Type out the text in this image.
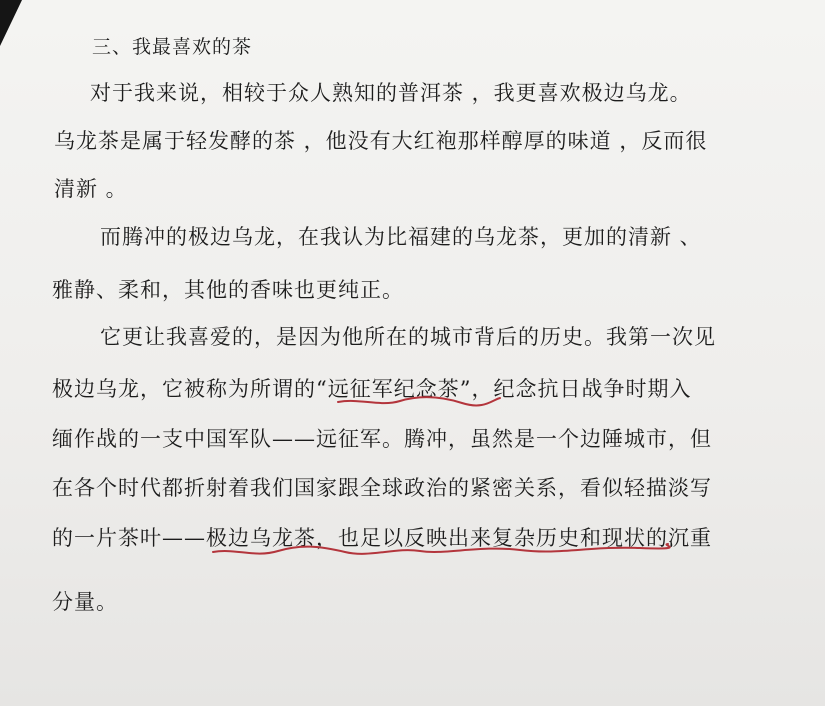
三、我最喜欢的茶
对于我来说，相较于众人熟知的普洱茶 ，我更喜欢极边乌龙。
乌龙茶是属于轻发酵的茶 ，他没有大红袍那样醇厚的味道 ，反而很
清新 。
而腾冲的极边乌龙，在我认为比福建的乌龙茶，更加的清新 、
雅静、柔和，其他的香味也更纯正。
它更让我喜爱的，是因为他所在的城市背后的历史。我第一次见
极边乌龙，它被称为所谓的“远征军纪念茶”，纪念抗日战争时期入
缅作战的一支中国军队——远征军。腾冲，虽然是一个边陲城市，但
在各个时代都折射着我们国家跟全球政治的紧密关系，看似轻描淡写
的一片茶叶——极边乌龙茶，也足以反映出来复杂历史和现状的沉重
分量。
